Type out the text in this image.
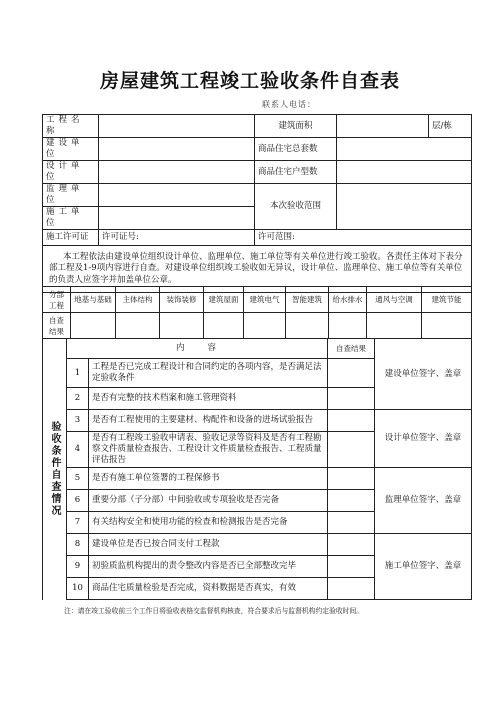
房屋建筑工程竣工验收条件自查表
联系人电话：
工程名称		建筑面积		层/栋
建设单位		商品住宅总套数		
设计单位		商品住宅户型数		
监理单位		本次验收范围		
施工单位				
施工许可证	许可证号:	许可范围:		
本工程依法由建设单位组织设计单位、监理单位、施工单位等有关单位进行竣工验收。各责任主体对下表分部工程及1-9项内容进行自查。对建设单位组织竣工验收如无异议，设计单位、监理单位、施工单位等有关单位的负责人应签字并加盖单位公章。				
分部工程	地基与基础	主体结构	装饰装修	建筑屋面	建筑电气	智能建筑	给水排水	通风与空调	建筑节能
自查结果									
验收条件自查情况	内　　容		自查结果	建设单位签字、盖章
	1	工程是否已完成工程设计和合同约定的各项内容，是否满足法定验收条件		
	2	是否有完整的技术档案和施工管理资料		
	3	是否有工程使用的主要建材、构配件和设备的进场试验报告		设计单位签字、盖章
	4	是否有工程竣工验收申请表、验收记录等资料及是否有工程勘察文件质量检查报告、工程设计文件质量检查报告、工程质量评估报告		
	5	是否有施工单位签署的工程保修书		监理单位签字、盖章
	6	重要分部（子分部）中间验收或专项验收是否完备		
	7	有关结构安全和使用功能的检查和检测报告是否完备		
	8	建设单位是否已按合同支付工程款		施工单位签字、盖章
	9	初验质监机构提出的责令整改内容是否已全部整改完毕		
	10	商品住宅质量检验是否完成，资料数据是否真实，有效		
注：请在竣工验收前三个工作日将验收表格交监督机构核查，符合要求后与监督机构约定验收时间。
